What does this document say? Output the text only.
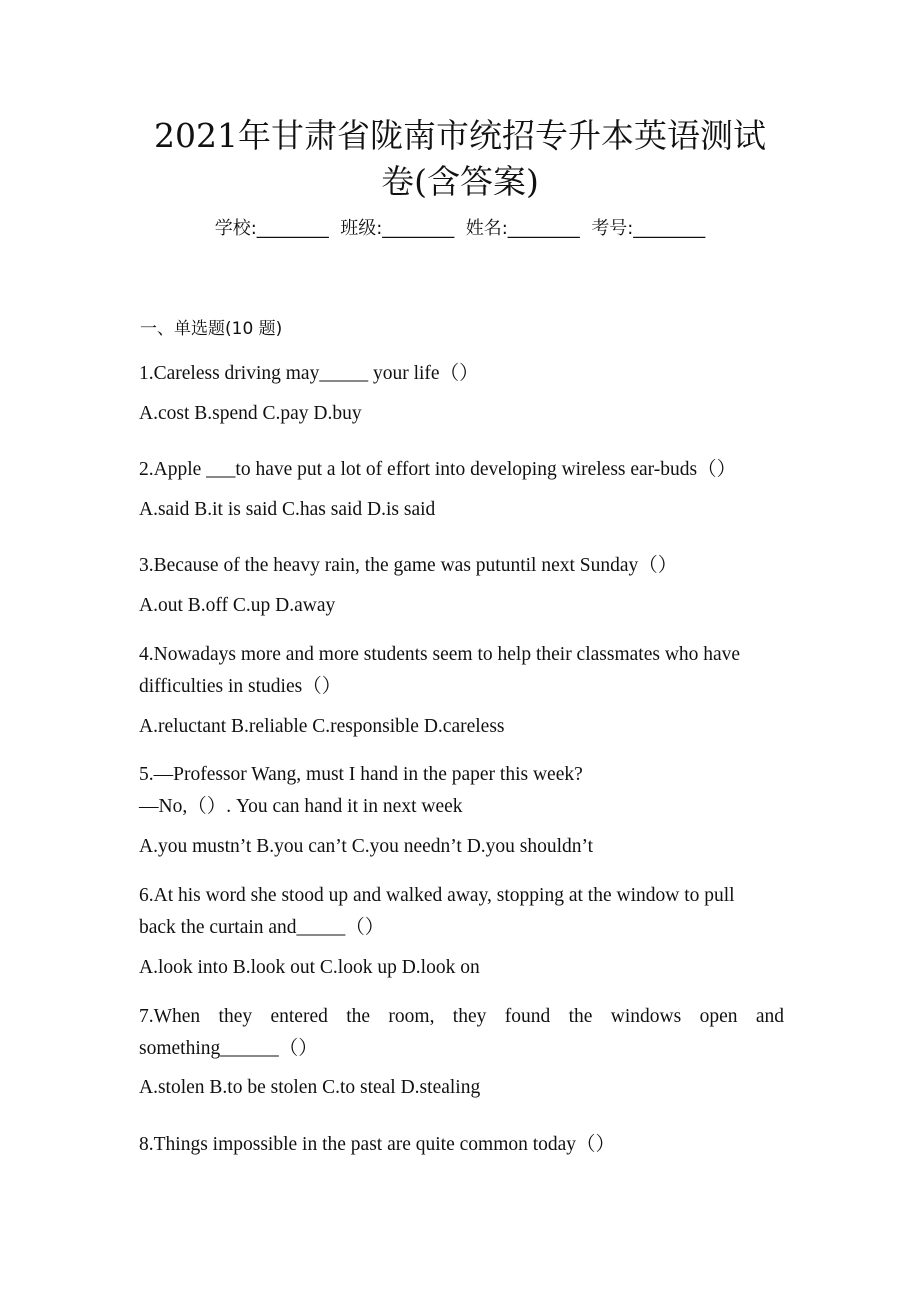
2021年甘肃省陇南市统招专升本英语测试
卷(含答案)
学校:________  班级:________  姓名:________  考号:________
一、单选题(10 题)
1.Careless driving may_____ your life（）
A.cost B.spend C.pay D.buy
2.Apple ___to have put a lot of effort into developing wireless ear-buds（）
A.said B.it is said C.has said D.is said
3.Because of the heavy rain, the game was putuntil next Sunday（）
A.out B.off C.up D.away
4.Nowadays more and more students seem to help their classmates who have
difficulties in studies（）
A.reluctant B.reliable C.responsible D.careless
5.—Professor Wang, must I hand in the paper this week?
—No,（）. You can hand it in next week
A.you mustn’t B.you can’t C.you needn’t D.you shouldn’t
6.At his word she stood up and walked away, stopping at the window to pull
back the curtain and_____（）
A.look into B.look out C.look up D.look on
7.When they entered the room, they found the windows open and
something______（）
A.stolen B.to be stolen C.to steal D.stealing
8.Things impossible in the past are quite common today（）
